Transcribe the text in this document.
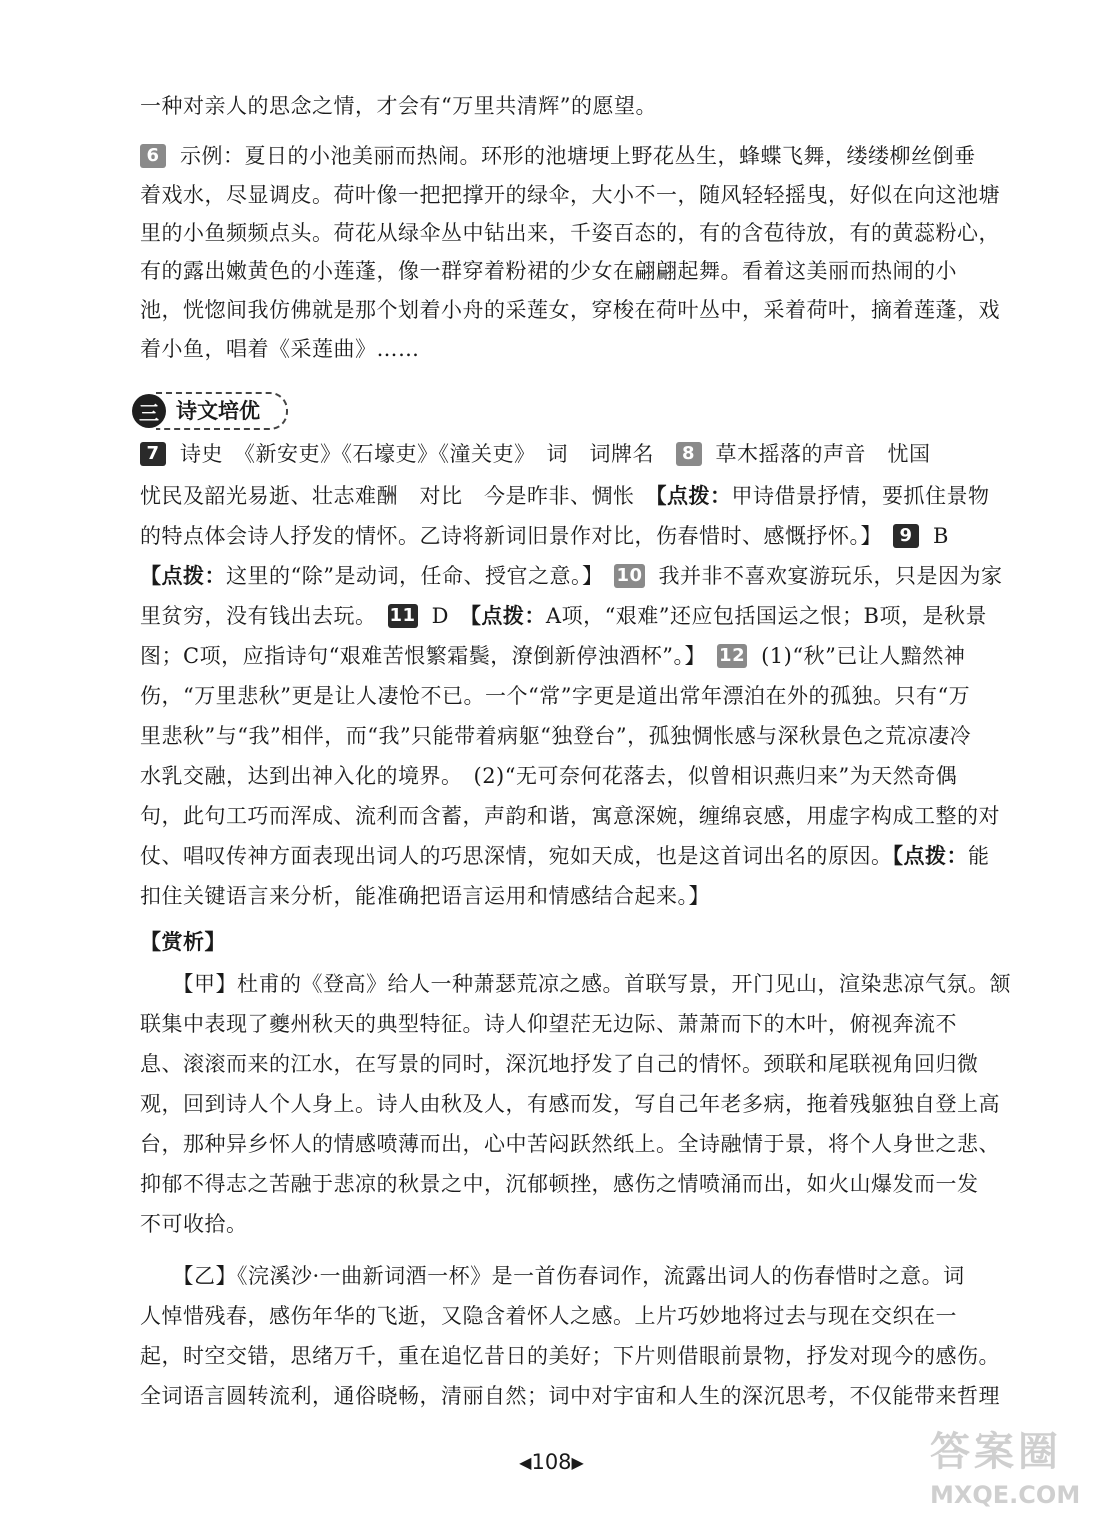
一种对亲人的思念之情，才会有“万里共清辉”的愿望。
6 示例：夏日的小池美丽而热闹。环形的池塘埂上野花丛生，蜂蝶飞舞，缕缕柳丝倒垂
着戏水，尽显调皮。荷叶像一把把撑开的绿伞，大小不一，随风轻轻摇曳，好似在向这池塘
里的小鱼频频点头。荷花从绿伞丛中钻出来，千姿百态的，有的含苞待放，有的黄蕊粉心，
有的露出嫩黄色的小莲蓬，像一群穿着粉裙的少女在翩翩起舞。看着这美丽而热闹的小
池，恍惚间我仿佛就是那个划着小舟的采莲女，穿梭在荷叶丛中，采着荷叶，摘着莲蓬，戏
着小鱼，唱着《采莲曲》……
三 诗文培优
7 诗史　《新安吏》《石壕吏》《潼关吏》　词　词牌名　8 草木摇落的声音　忧国
忧民及韶光易逝、壮志难酬　对比　今是昨非、惆怅　【点拨：甲诗借景抒情，要抓住景物
的特点体会诗人抒发的情怀。乙诗将新词旧景作对比，伤春惜时、感慨抒怀。】　9 B
【点拨：这里的“除”是动词，任命、授官之意。】　10 我并非不喜欢宴游玩乐，只是因为家
里贫穷，没有钱出去玩。　11 D　【点拨：A项，“艰难”还应包括国运之恨；B项，是秋景
图；C项，应指诗句“艰难苦恨繁霜鬓，潦倒新停浊酒杯”。】　12 (1)“秋”已让人黯然神
伤，“万里悲秋”更是让人凄怆不已。一个“常”字更是道出常年漂泊在外的孤独。只有“万
里悲秋”与“我”相伴，而“我”只能带着病躯“独登台”，孤独惆怅感与深秋景色之荒凉凄冷
水乳交融，达到出神入化的境界。　(2)“无可奈何花落去，似曾相识燕归来”为天然奇偶
句，此句工巧而浑成、流利而含蓄，声韵和谐，寓意深婉，缠绵哀感，用虚字构成工整的对
仗、唱叹传神方面表现出词人的巧思深情，宛如天成，也是这首词出名的原因。【点拨：能
扣住关键语言来分析，能准确把语言运用和情感结合起来。】
【赏析】
　　【甲】杜甫的《登高》给人一种萧瑟荒凉之感。首联写景，开门见山，渲染悲凉气氛。颔
联集中表现了夔州秋天的典型特征。诗人仰望茫无边际、萧萧而下的木叶，俯视奔流不
息、滚滚而来的江水，在写景的同时，深沉地抒发了自己的情怀。颈联和尾联视角回归微
观，回到诗人个人身上。诗人由秋及人，有感而发，写自己年老多病，拖着残躯独自登上高
台，那种异乡怀人的情感喷薄而出，心中苦闷跃然纸上。全诗融情于景，将个人身世之悲、
抑郁不得志之苦融于悲凉的秋景之中，沉郁顿挫，感伤之情喷涌而出，如火山爆发而一发
不可收拾。
　　【乙】《浣溪沙·一曲新词酒一杯》是一首伤春词作，流露出词人的伤春惜时之意。词
人悼惜残春，感伤年华的飞逝，又隐含着怀人之感。上片巧妙地将过去与现在交织在一
起，时空交错，思绪万千，重在追忆昔日的美好；下片则借眼前景物，抒发对现今的感伤。
全词语言圆转流利，通俗晓畅，清丽自然；词中对宇宙和人生的深沉思考，不仅能带来哲理
◀108▶	答案圈
MXQE.COM
